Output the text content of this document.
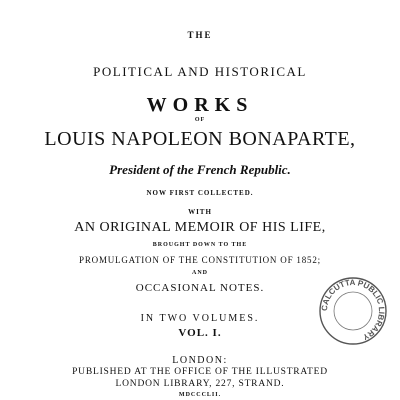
THE
POLITICAL AND HISTORICAL
WORKS
OF
LOUIS NAPOLEON BONAPARTE,
President of the French Republic.
NOW FIRST COLLECTED.
WITH
AN ORIGINAL MEMOIR OF HIS LIFE,
BROUGHT DOWN TO THE
PROMULGATION OF THE CONSTITUTION OF 1852;
AND
OCCASIONAL NOTES.
IN TWO VOLUMES.
VOL. I.
LONDON:
PUBLISHED AT THE OFFICE OF THE ILLUSTRATED
LONDON LIBRARY, 227, STRAND.
MDCCCLII.
CALCUTTA PUBLIC LIBRARY
